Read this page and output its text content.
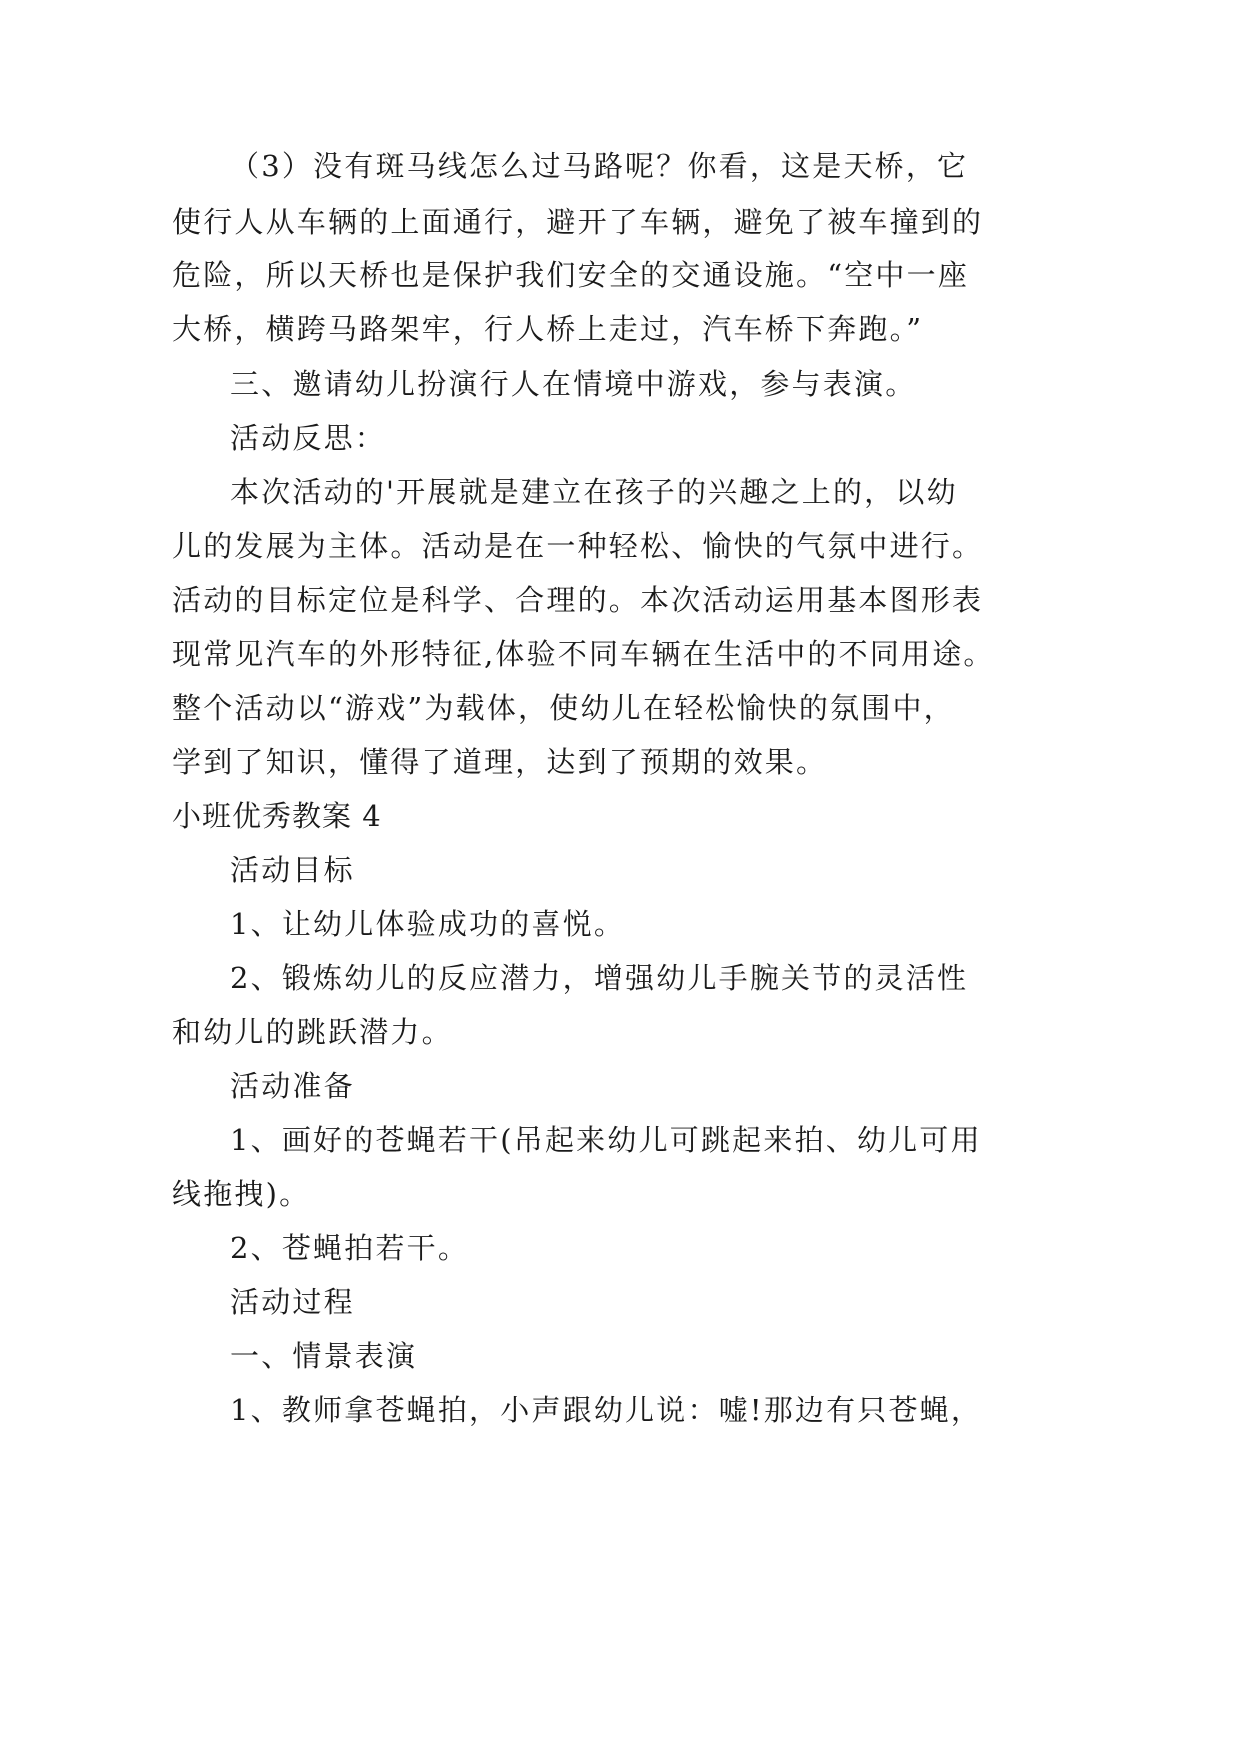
（3）没有斑马线怎么过马路呢？你看，这是天桥，它
使行人从车辆的上面通行，避开了车辆，避免了被车撞到的
危险，所以天桥也是保护我们安全的交通设施。“空中一座
大桥，横跨马路架牢，行人桥上走过，汽车桥下奔跑。”
三、邀请幼儿扮演行人在情境中游戏，参与表演。
活动反思：
本次活动的'开展就是建立在孩子的兴趣之上的，以幼
儿的发展为主体。活动是在一种轻松、愉快的气氛中进行。
活动的目标定位是科学、合理的。本次活动运用基本图形表
现常见汽车的外形特征,体验不同车辆在生活中的不同用途。
整个活动以“游戏”为载体，使幼儿在轻松愉快的氛围中，
学到了知识，懂得了道理，达到了预期的效果。
小班优秀教案 4
活动目标
1、让幼儿体验成功的喜悦。
2、锻炼幼儿的反应潜力，增强幼儿手腕关节的灵活性
和幼儿的跳跃潜力。
活动准备
1、画好的苍蝇若干(吊起来幼儿可跳起来拍、幼儿可用
线拖拽)。
2、苍蝇拍若干。
活动过程
一、情景表演
1、教师拿苍蝇拍，小声跟幼儿说：嘘!那边有只苍蝇，
